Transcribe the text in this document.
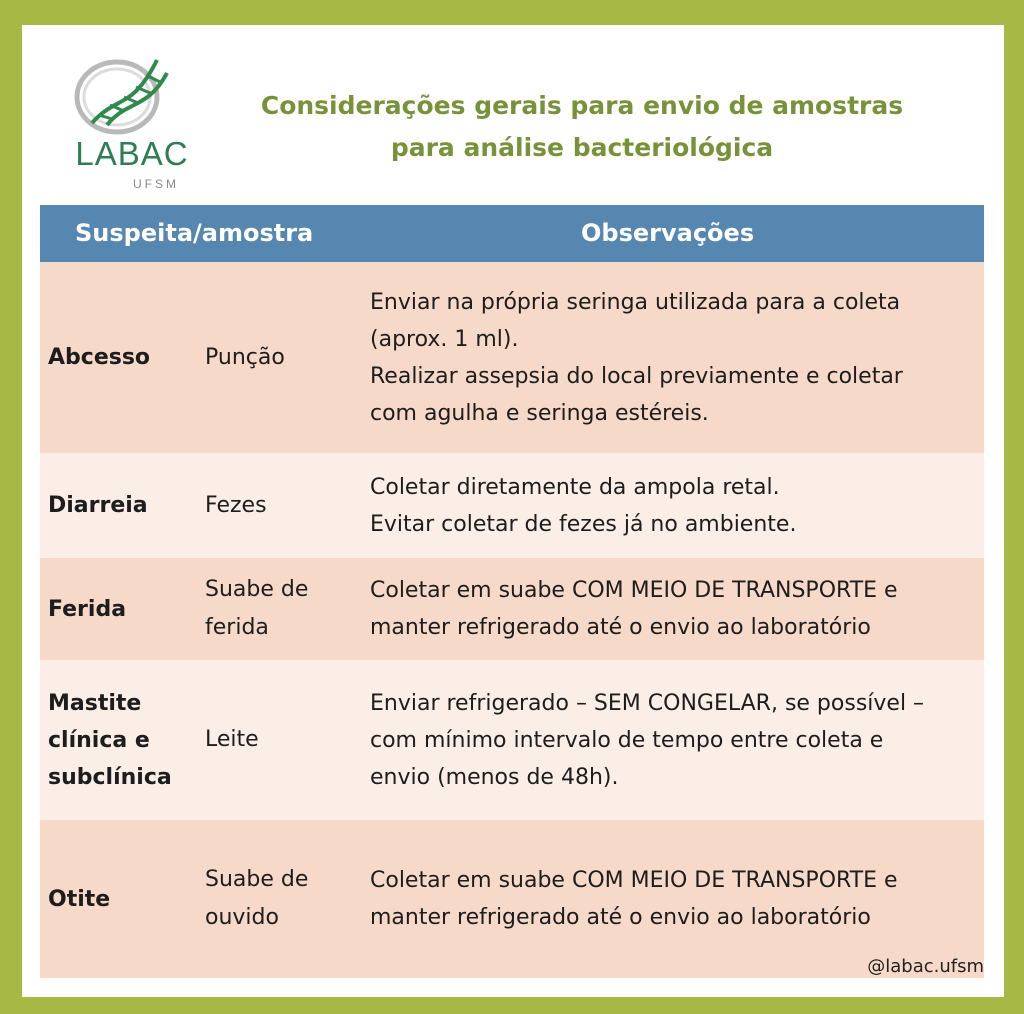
LABAC
UFSM
Considerações gerais para envio de amostras
para análise bacteriológica
Suspeita/amostra	Observações
Abcesso Punção
Enviar na própria seringa utilizada para a coleta
(aprox. 1 ml).
Realizar assepsia do local previamente e coletar
com agulha e seringa estéreis.
Diarreia	Fezes
Coletar diretamente da ampola retal.
Evitar coletar de fezes já no ambiente.
Ferida
Suabe de
ferida
Coletar em suabe COM MEIO DE TRANSPORTE e
manter refrigerado até o envio ao laboratório
Mastite
clínica e
subclínica
Leite
Enviar refrigerado – SEM CONGELAR, se possível –
com mínimo intervalo de tempo entre coleta e
envio (menos de 48h).
Otite
Suabe de
ouvido
Coletar em suabe COM MEIO DE TRANSPORTE e
manter refrigerado até o envio ao laboratório
@labac.ufsm
